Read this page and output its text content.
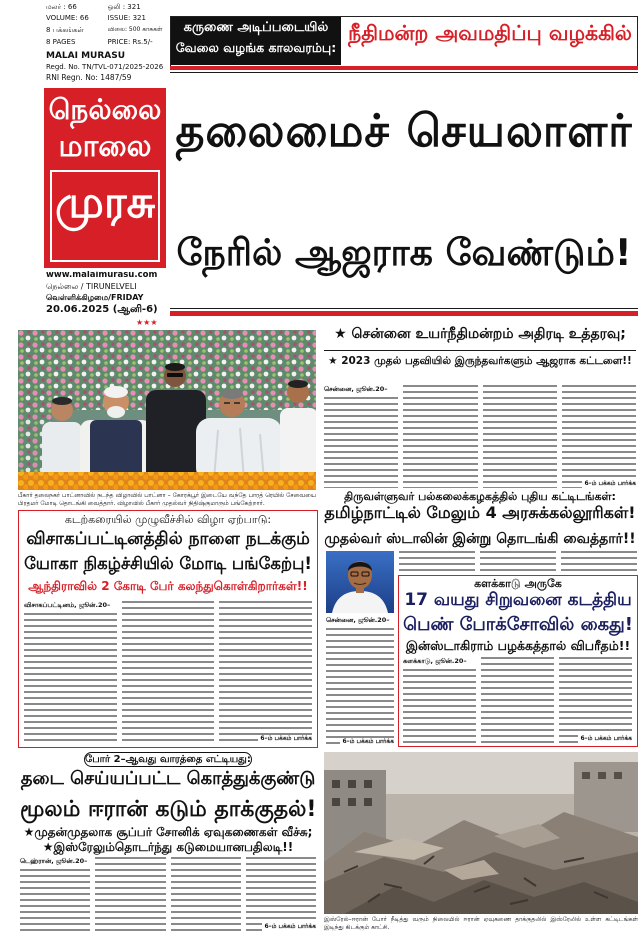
மலர் : 66	ஒலி : 321
VOLUME: 66	ISSUE: 321
8 பக்கங்கள்	விலை: 500 காசுகள்
8 PAGES	PRICE: Rs.5/-
MALAI MURASU
Regd. No. TN/TVL-071/2025-2026
RNI Regn. No: 1487/59
நெல்லை
மாலை
முரசு
www.malaimurasu.com
நெல்லை / TIRUNELVELI
வெள்ளிக்கிழமை/FRIDAY
20.06.2025 (ஆனி-6)
★★★
கருணை அடிப்படையில்
வேலை வழங்க காலவரம்பு:
நீதிமன்ற அவமதிப்பு வழக்கில்
தலைமைச் செயலாளர்
நேரில் ஆஜராக வேண்டும்!
★ சென்னை உயர்நீதிமன்றம் அதிரடி உத்தரவு;
★ 2023 முதல் பதவியில் இருந்தவர்களும் ஆஜராக கட்டளை!!
சென்னை, ஜூன்.20–
6–ம் பக்கம் பார்க்க
பீகார் தலைநகர் பாட்னாவில் நடந்த விழாவில் பாட்னா – கோரக்பூர் இடையே வந்தே பாரத் ரெயில் சேவையை பிரதமர் மோடி தொடங்கி வைத்தார். விழாவில் பீகார் முதல்வர் நிதிஷ்குமாரும் பங்கேற்றார்.
கடற்கரையில் முழுவீச்சில் விழா ஏற்பாடு:
விசாகப்பட்டினத்தில் நாளை நடக்கும்
யோகா நிகழ்ச்சியில் மோடி பங்கேற்பு!
ஆந்திராவில் 2 கோடி பேர் கலந்துகொள்கிறார்கள்!!
விசாகப்பட்டினம், ஜூன்.20–
6–ம் பக்கம் பார்க்க
திருவள்ளுவர் பல்கலைக்கழகத்தில் புதிய கட்டிடங்கள்:
தமிழ்நாட்டில் மேலும் 4 அரசுக்கல்லூரிகள்!
முதல்வர் ஸ்டாலின் இன்று தொடங்கி வைத்தார்!!
சென்னை, ஜூன்.20–
6–ம் பக்கம் பார்க்க
களக்காடு அருகே
17 வயது சிறுவனை கடத்திய
பெண் போக்சோவில் கைது!
இன்ஸ்டாகிராம் பழக்கத்தால் விபரீதம்!!
களக்காடு, ஜூன்.20–
6–ம் பக்கம் பார்க்க
போர் 2–ஆவது வாரத்தை எட்டியது:
தடை செய்யப்பட்ட கொத்துக்குண்டு
மூலம் ஈரான் கடும் தாக்குதல்!
★முதன்முதலாக சூப்பர் சோனிக் ஏவுகணைகள் வீச்சு;
★இஸ்ரேலும்தொடர்ந்து கடுமையானபதிலடி!!
டெஹ்ரான், ஜூன்.20–
6–ம் பக்கம் பார்க்க
இஸ்ரேல்–ஈரான் போர் நீடித்து வரும் நிலையில் ஈரான் ஏவுகணை தாக்குதலில் இஸ்ரேலில் உள்ள கட்டிடங்கள் இடிந்து கிடக்கும் காட்சி.
